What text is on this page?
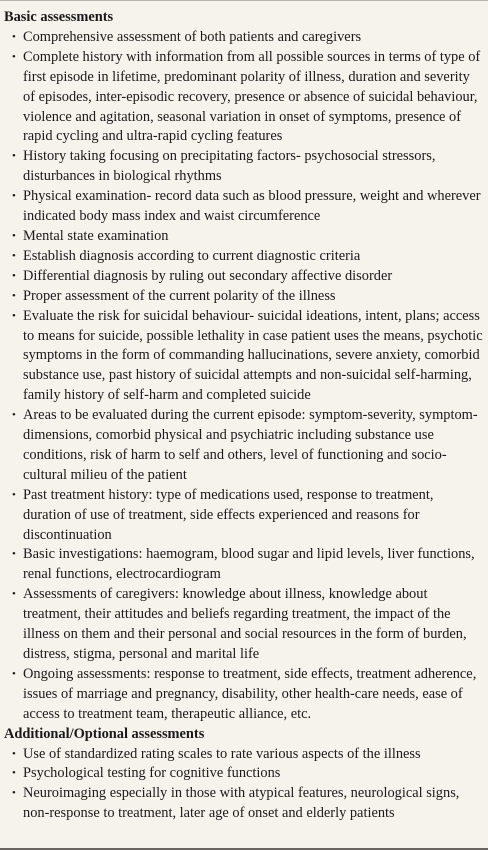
Basic assessments
• Comprehensive assessment of both patients and caregivers
• Complete history with information from all possible sources in terms of type of first episode in lifetime, predominant polarity of illness, duration and severity of episodes, inter-episodic recovery, presence or absence of suicidal behaviour, violence and agitation, seasonal variation in onset of symptoms, presence of rapid cycling and ultra-rapid cycling features
• History taking focusing on precipitating factors- psychosocial stressors, disturbances in biological rhythms
• Physical examination- record data such as blood pressure, weight and wherever indicated body mass index and waist circumference
• Mental state examination
• Establish diagnosis according to current diagnostic criteria
• Differential diagnosis by ruling out secondary affective disorder
• Proper assessment of the current polarity of the illness
• Evaluate the risk for suicidal behaviour- suicidal ideations, intent, plans; access to means for suicide, possible lethality in case patient uses the means, psychotic symptoms in the form of commanding hallucinations, severe anxiety, comorbid substance use, past history of suicidal attempts and non-suicidal self-harming, family history of self-harm and completed suicide
• Areas to be evaluated during the current episode: symptom-severity, symptom-dimensions, comorbid physical and psychiatric including substance use conditions, risk of harm to self and others, level of functioning and socio-cultural milieu of the patient
• Past treatment history: type of medications used, response to treatment, duration of use of treatment, side effects experienced and reasons for discontinuation
• Basic investigations: haemogram, blood sugar and lipid levels, liver functions, renal functions, electrocardiogram
• Assessments of caregivers: knowledge about illness, knowledge about treatment, their attitudes and beliefs regarding treatment, the impact of the illness on them and their personal and social resources in the form of burden, distress, stigma, personal and marital life
• Ongoing assessments: response to treatment, side effects, treatment adherence, issues of marriage and pregnancy, disability, other health-care needs, ease of access to treatment team, therapeutic alliance, etc.
Additional/Optional assessments
• Use of standardized rating scales to rate various aspects of the illness
• Psychological testing for cognitive functions
• Neuroimaging especially in those with atypical features, neurological signs, non-response to treatment, later age of onset and elderly patients
